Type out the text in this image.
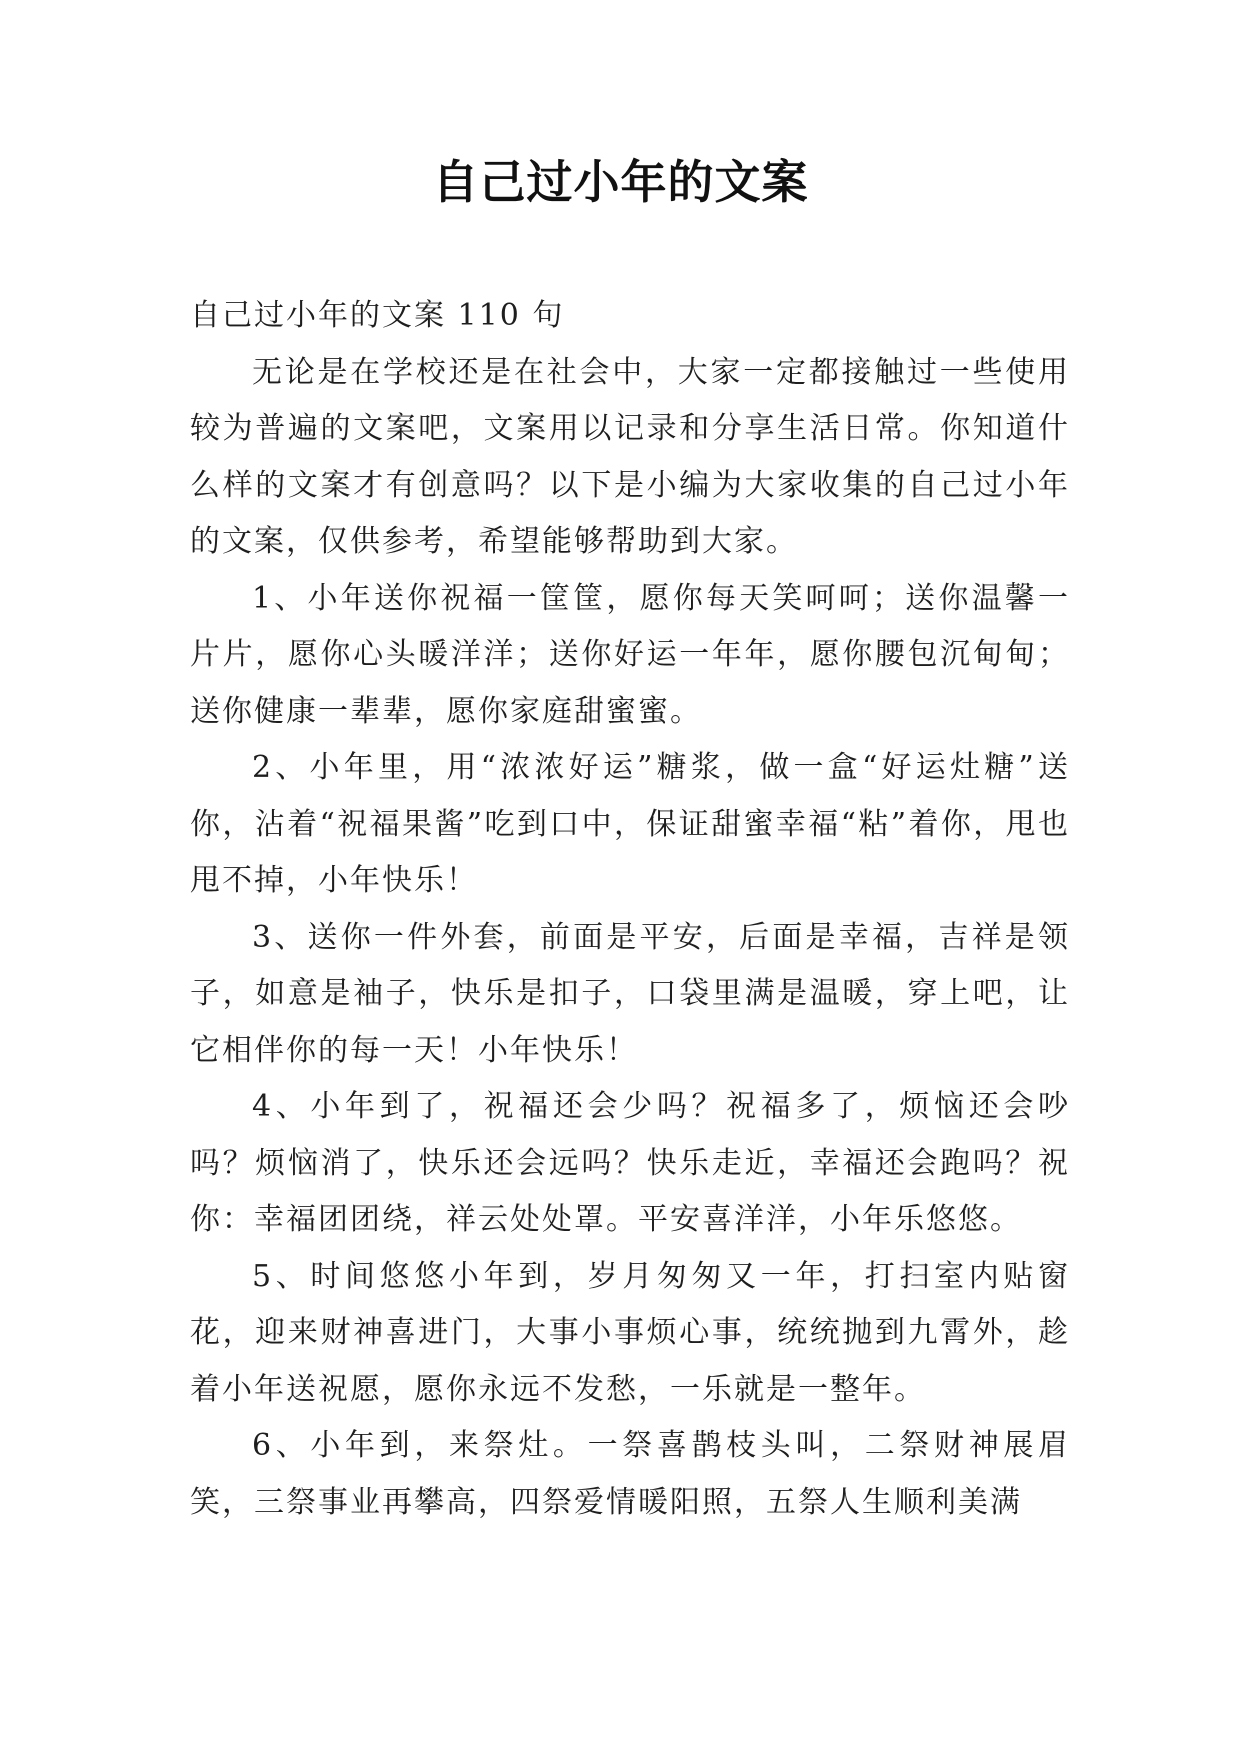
自己过小年的文案

自己过小年的文案 110 句

无论是在学校还是在社会中，大家一定都接触过一些使用较为普遍的文案吧，文案用以记录和分享生活日常。你知道什么样的文案才有创意吗？以下是小编为大家收集的自己过小年的文案，仅供参考，希望能够帮助到大家。

1、小年送你祝福一筐筐，愿你每天笑呵呵；送你温馨一片片，愿你心头暖洋洋；送你好运一年年，愿你腰包沉甸甸；送你健康一辈辈，愿你家庭甜蜜蜜。

2、小年里，用“浓浓好运”糖浆，做一盒“好运灶糖”送你，沾着“祝福果酱”吃到口中，保证甜蜜幸福“粘”着你，甩也甩不掉，小年快乐！

3、送你一件外套，前面是平安，后面是幸福，吉祥是领子，如意是袖子，快乐是扣子，口袋里满是温暖，穿上吧，让它相伴你的每一天！小年快乐！

4、小年到了，祝福还会少吗？祝福多了，烦恼还会吵吗？烦恼消了，快乐还会远吗？快乐走近，幸福还会跑吗？祝你：幸福团团绕，祥云处处罩。平安喜洋洋，小年乐悠悠。

5、时间悠悠小年到，岁月匆匆又一年，打扫室内贴窗花，迎来财神喜进门，大事小事烦心事，统统抛到九霄外，趁着小年送祝愿，愿你永远不发愁，一乐就是一整年。

6、小年到，来祭灶。一祭喜鹊枝头叫，二祭财神展眉笑，三祭事业再攀高，四祭爱情暖阳照，五祭人生顺利美满
